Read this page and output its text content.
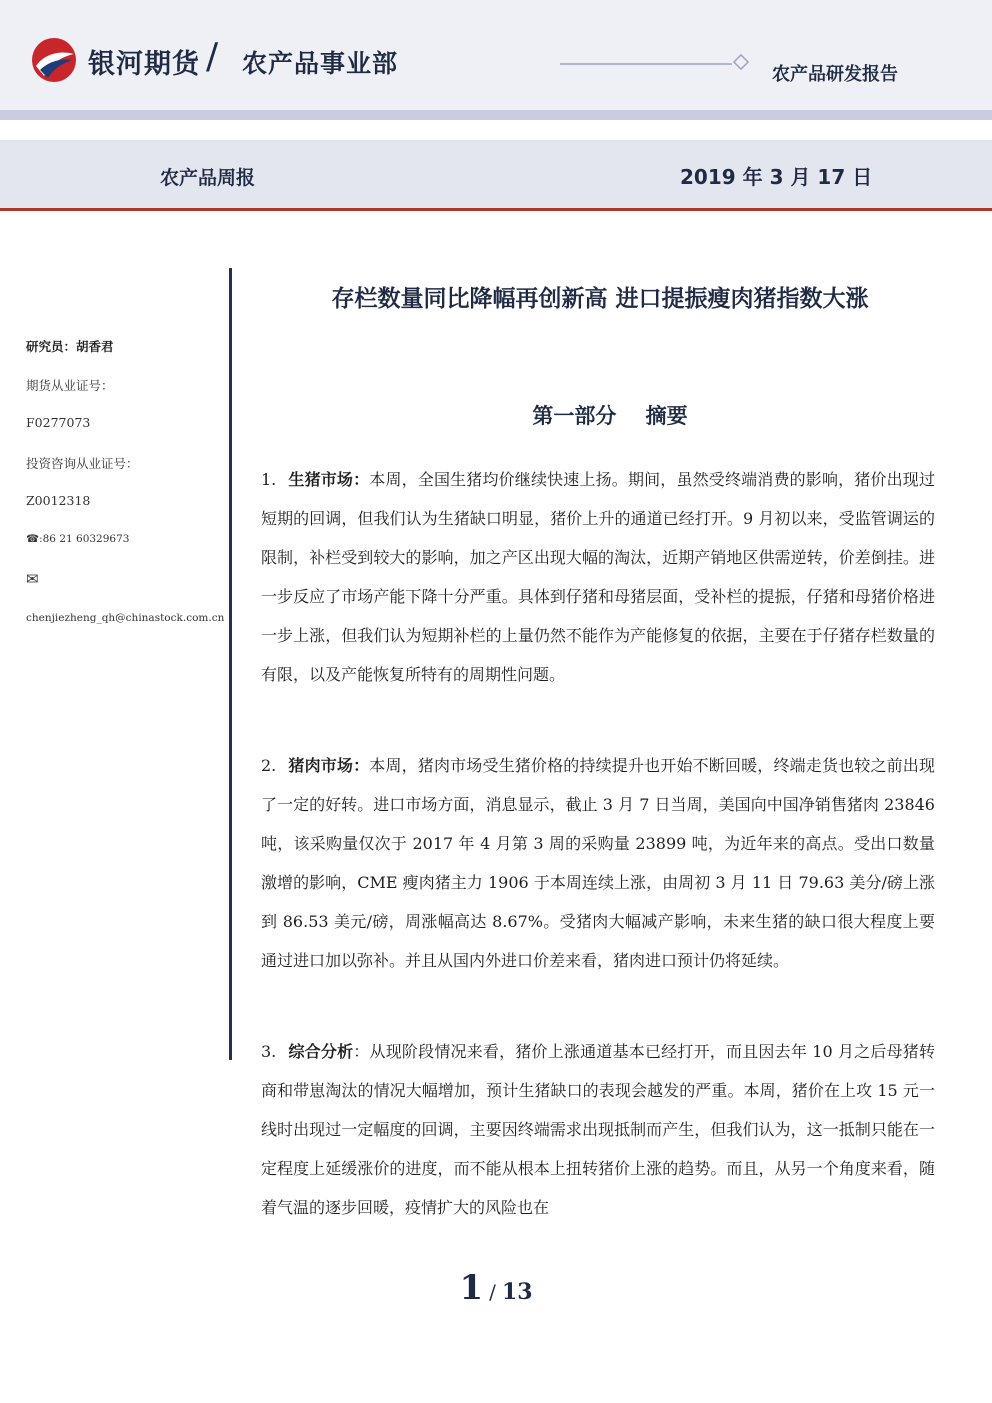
银河期货 / 农产品事业部	农产品研发报告
农产品周报	2019 年 3 月 17 日
研究员：胡香君
期货从业证号：
F0277073
投资咨询从业证号：
Z0012318
☎:86 21 60329673
✉
chenjiezheng_qh@chinastock.com.cn
存栏数量同比降幅再创新高 进口提振瘦肉猪指数大涨
第一部分    摘要
1. 生猪市场：本周，全国生猪均价继续快速上扬。期间，虽然受终端消费的影响，猪价出现过短期的回调，但我们认为生猪缺口明显，猪价上升的通道已经打开。9 月初以来，受监管调运的限制，补栏受到较大的影响，加之产区出现大幅的淘汰，近期产销地区供需逆转，价差倒挂。进一步反应了市场产能下降十分严重。具体到仔猪和母猪层面，受补栏的提振，仔猪和母猪价格进一步上涨，但我们认为短期补栏的上量仍然不能作为产能修复的依据，主要在于仔猪存栏数量的有限，以及产能恢复所特有的周期性问题。
2. 猪肉市场：本周，猪肉市场受生猪价格的持续提升也开始不断回暖，终端走货也较之前出现了一定的好转。进口市场方面，消息显示，截止 3 月 7 日当周，美国向中国净销售猪肉 23846 吨，该采购量仅次于 2017 年 4 月第 3 周的采购量 23899 吨，为近年来的高点。受出口数量激增的影响，CME 瘦肉猪主力 1906 于本周连续上涨，由周初 3 月 11 日 79.63 美分/磅上涨到 86.53 美元/磅，周涨幅高达 8.67%。受猪肉大幅减产影响，未来生猪的缺口很大程度上要通过进口加以弥补。并且从国内外进口价差来看，猪肉进口预计仍将延续。
3. 综合分析：从现阶段情况来看，猪价上涨通道基本已经打开，而且因去年 10 月之后母猪转商和带崽淘汰的情况大幅增加，预计生猪缺口的表现会越发的严重。本周，猪价在上攻 15 元一线时出现过一定幅度的回调，主要因终端需求出现抵制而产生，但我们认为，这一抵制只能在一定程度上延缓涨价的进度，而不能从根本上扭转猪价上涨的趋势。而且，从另一个角度来看，随着气温的逐步回暖，疫情扩大的风险也在
1 / 13
